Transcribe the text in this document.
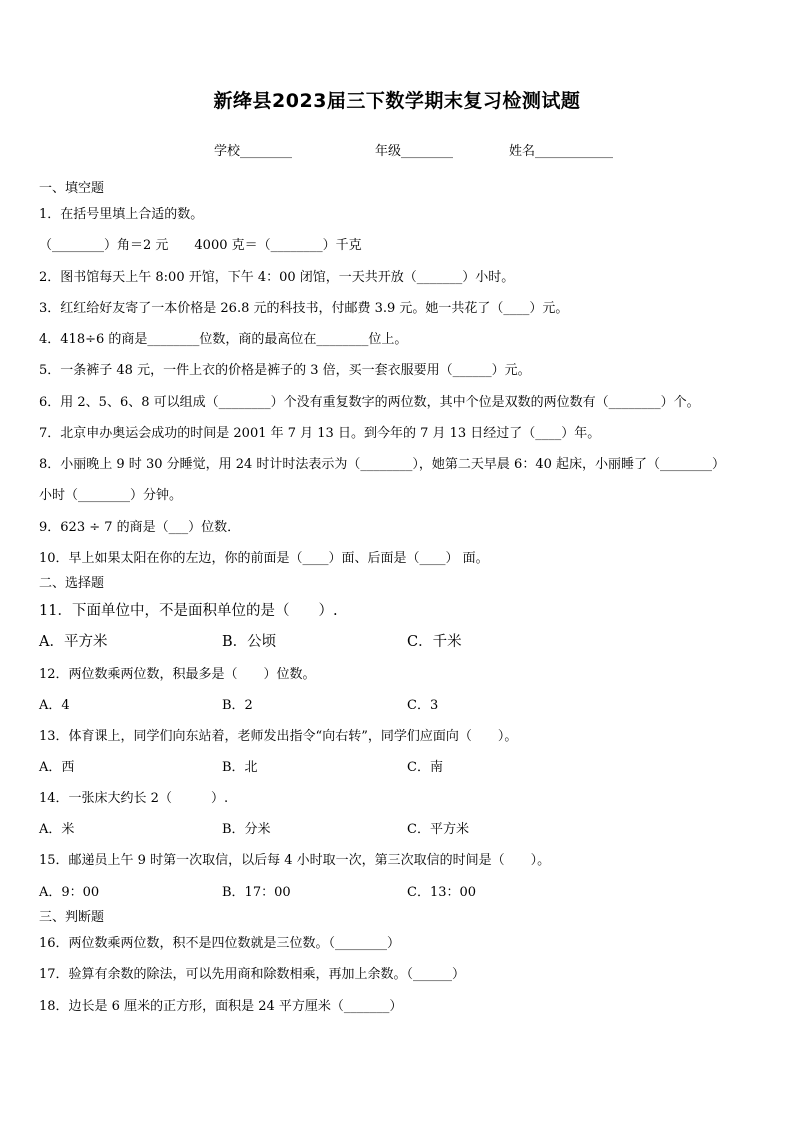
新绛县2023届三下数学期末复习检测试题
学校________	年级________	姓名____________
一、填空题
1．在括号里填上合适的数。
（________）角＝2 元　　4000 克＝（________）千克
2．图书馆每天上午 8:00 开馆，下午 4：00 闭馆，一天共开放（_______）小时。
3．红红给好友寄了一本价格是 26.8 元的科技书，付邮费 3.9 元。她一共花了（____）元。
4．418÷6 的商是________位数，商的最高位在________位上。
5．一条裤子 48 元，一件上衣的价格是裤子的 3 倍，买一套衣服要用（______）元。
6．用 2、5、6、8 可以组成（________）个没有重复数字的两位数，其中个位是双数的两位数有（________）个。
7．北京申办奥运会成功的时间是 2001 年 7 月 13 日。到今年的 7 月 13 日经过了（____）年。
8．小丽晚上 9 时 30 分睡觉，用 24 时计时法表示为（________），她第二天早晨 6：40 起床，小丽睡了（________）
小时（________）分钟。
9．623 ÷ 7 的商是（___）位数．
10．早上如果太阳在你的左边，你的前面是（____）面、后面是（____） 面。
二、选择题
11．下面单位中，不是面积单位的是（　　）.
A．平方米	B．公顷	C．千米
12．两位数乘两位数，积最多是（　　）位数。
A．4	B．2	C．3
13．体育课上，同学们向东站着，老师发出指令“向右转”，同学们应面向（　　）。
A．西	B．北	C．南
14．一张床大约长 2（　　　）.
A．米	B．分米	C．平方米
15．邮递员上午 9 时第一次取信，以后每 4 小时取一次，第三次取信的时间是（　　）。
A．9：00	B．17：00	C．13：00
三、判断题
16．两位数乘两位数，积不是四位数就是三位数。（________）
17．验算有余数的除法，可以先用商和除数相乘，再加上余数。（______）
18．边长是 6 厘米的正方形，面积是 24 平方厘米（_______）
